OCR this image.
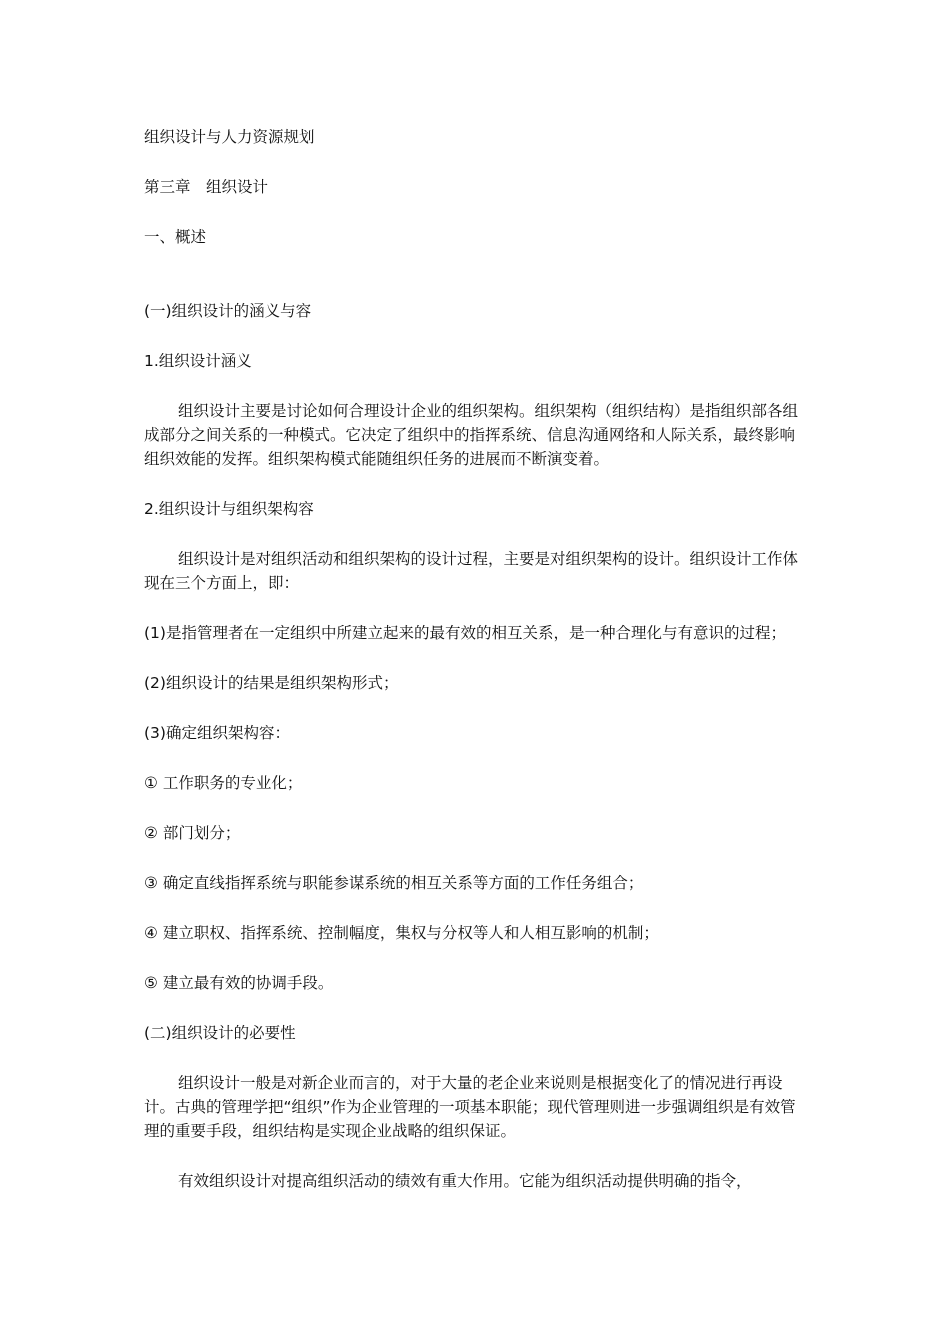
组织设计与人力资源规划

第三章　组织设计

一、概述

(一)组织设计的涵义与容

1.组织设计涵义

组织设计主要是讨论如何合理设计企业的组织架构。组织架构（组织结构）是指组织部各组成部分之间关系的一种模式。它决定了组织中的指挥系统、信息沟通网络和人际关系，最终影响组织效能的发挥。组织架构模式能随组织任务的进展而不断演变着。

2.组织设计与组织架构容

组织设计是对组织活动和组织架构的设计过程，主要是对组织架构的设计。组织设计工作体现在三个方面上，即：

(1)是指管理者在一定组织中所建立起来的最有效的相互关系，是一种合理化与有意识的过程；

(2)组织设计的结果是组织架构形式；

(3)确定组织架构容：

① 工作职务的专业化；

② 部门划分；

③ 确定直线指挥系统与职能参谋系统的相互关系等方面的工作任务组合；

④ 建立职权、指挥系统、控制幅度，集权与分权等人和人相互影响的机制；

⑤ 建立最有效的协调手段。

(二)组织设计的必要性

组织设计一般是对新企业而言的，对于大量的老企业来说则是根据变化了的情况进行再设计。古典的管理学把“组织”作为企业管理的一项基本职能；现代管理则进一步强调组织是有效管理的重要手段，组织结构是实现企业战略的组织保证。

有效组织设计对提高组织活动的绩效有重大作用。它能为组织活动提供明确的指令，
